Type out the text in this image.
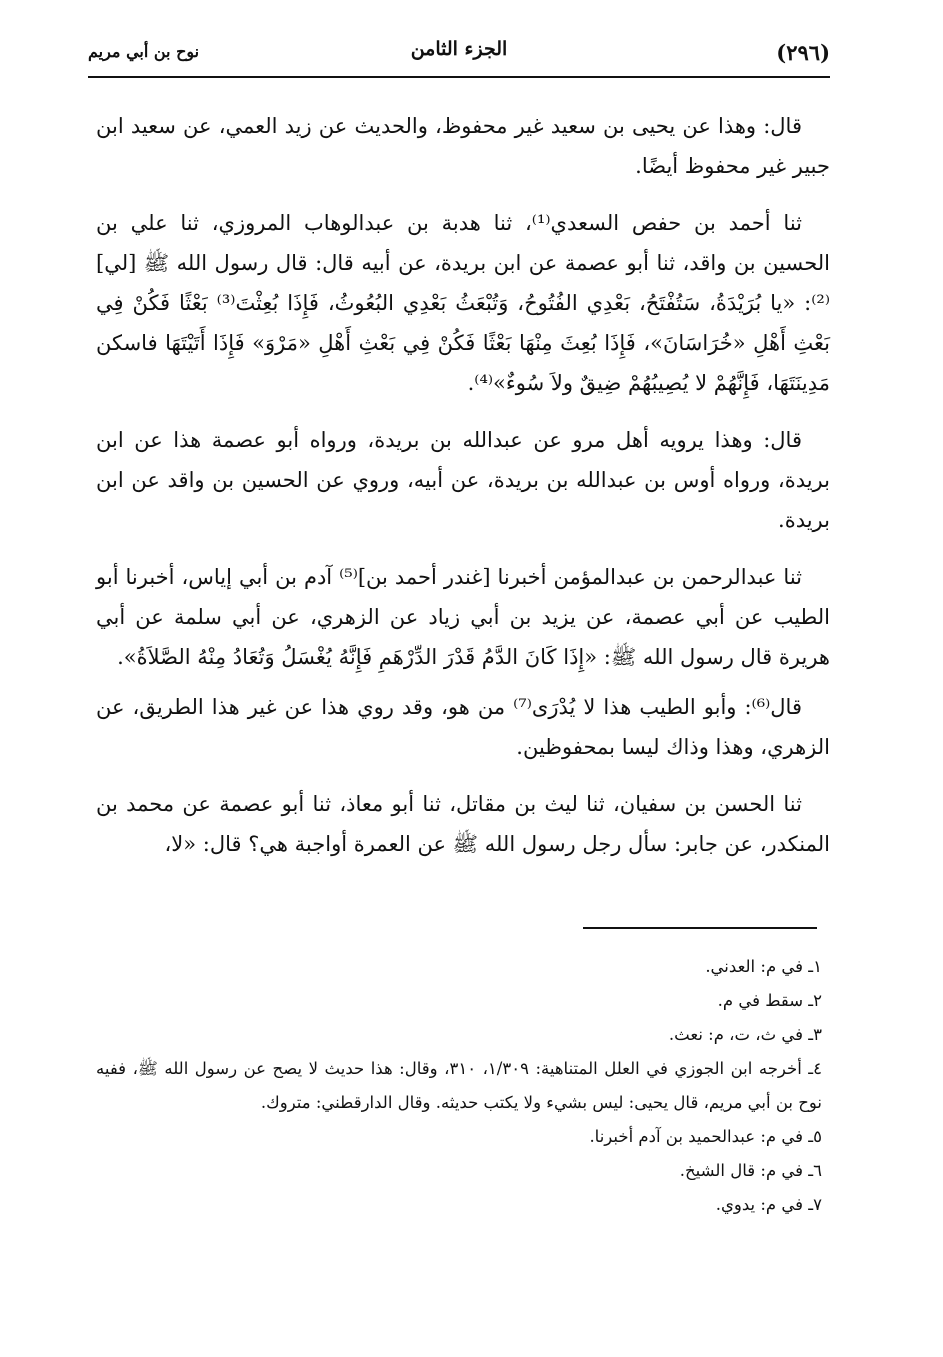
(٢٩٦)
الجزء الثامن
نوح بن أبي مريم

قال: وهذا عن يحيى بن سعيد غير محفوظ، والحديث عن زيد العمي، عن سعيد ابن جبير غير محفوظ أيضًا.

ثنا أحمد بن حفص السعدي⁽¹⁾، ثنا هدبة بن عبدالوهاب المروزي، ثنا علي بن الحسين بن واقد، ثنا أبو عصمة عن ابن بريدة، عن أبيه قال: قال رسول الله ﷺ [لي]⁽²⁾: «يا بُرَيْدَةُ، سَتُفْتَحُ، بَعْدِي الفُتُوحُ، وَتُبْعَثُ بَعْدِي البُعُوثُ، فَإِذَا بُعِثْتَ⁽³⁾ بَعْثًا فَكُنْ فِي بَعْثِ أَهْلِ «خُرَاسَانَ»، فَإِذَا بُعِثَ مِنْهَا بَعْثًا فَكُنْ فِي بَعْثِ أَهْلِ «مَرْوَ» فَإِذَا أَتَيْتَهَا فاسكن مَدِينَتَهَا، فَإِنَّهُمْ لا يُصِيبُهُمْ ضِيقٌ ولاَ سُوءٌ»⁽⁴⁾.

قال: وهذا يرويه أهل مرو عن عبدالله بن بريدة، ورواه أبو عصمة هذا عن ابن بريدة، ورواه أوس بن عبدالله بن بريدة، عن أبيه، وروي عن الحسين بن واقد عن ابن بريدة.

ثنا عبدالرحمن بن عبدالمؤمن أخبرنا [غندر أحمد بن]⁽⁵⁾ آدم بن أبي إياس، أخبرنا أبو الطيب عن أبي عصمة، عن يزيد بن أبي زياد عن الزهري، عن أبي سلمة عن أبي هريرة قال رسول الله ﷺ: «إِذَا كَانَ الدَّمُ قَدْرَ الدِّرْهَمِ فَإِنَّهُ يُغْسَلُ وَتُعَادُ مِنْهُ الصَّلاَةُ».

قال⁽⁶⁾: وأبو الطيب هذا لا يُدْرَى⁽⁷⁾ من هو، وقد روي هذا عن غير هذا الطريق، عن الزهري، وهذا وذاك ليسا بمحفوظين.

ثنا الحسن بن سفيان، ثنا ليث بن مقاتل، ثنا أبو معاذ، ثنا أبو عصمة عن محمد بن المنكدر، عن جابر: سأل رجل رسول الله ﷺ عن العمرة أواجبة هي؟ قال: «لا،

١ـ في م: العدني.

٢ـ سقط في م.

٣ـ في ث، ت، م: نعث.

٤ـ أخرجه ابن الجوزي في العلل المتناهية: ١/٣٠٩، ٣١٠، وقال: هذا حديث لا يصح عن رسول الله ﷺ، ففيه نوح بن أبي مريم، قال يحيى: ليس بشيء ولا يكتب حديثه. وقال الدارقطني: متروك.

٥ـ في م: عبدالحميد بن آدم أخبرنا.

٦ـ في م: قال الشيخ.

٧ـ في م: يدوي.
